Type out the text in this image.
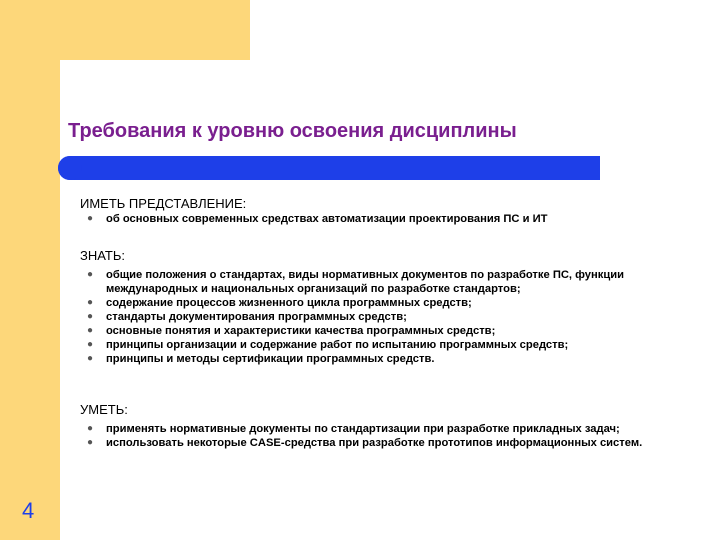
Требования к уровню освоения дисциплины
ИМЕТЬ ПРЕДСТАВЛЕНИЕ:
● об основных современных средствах автоматизации проектирования ПС и ИТ
ЗНАТЬ:
● общие положения о стандартах, виды нормативных документов по разработке ПС, функции международных и национальных организаций по разработке стандартов;
● содержание процессов жизненного цикла программных средств;
● стандарты документирования программных средств;
● основные понятия и характеристики качества программных средств;
● принципы организации и содержание работ по испытанию программных средств;
● принципы и методы сертификации программных средств.
УМЕТЬ:
● применять нормативные документы по стандартизации при разработке прикладных задач;
● использовать некоторые CASE-средства при разработке прототипов информационных систем.
4
